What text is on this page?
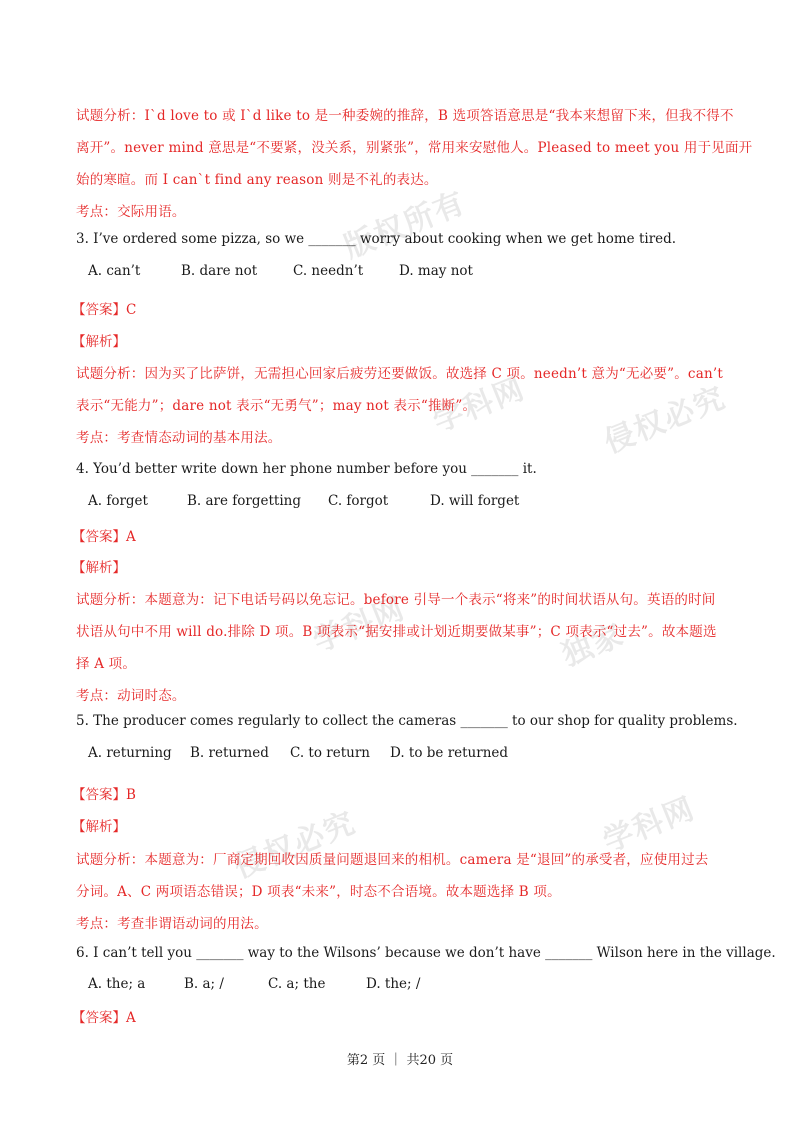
学科网 侵权必究
学科网	独家
学科网
侵权必究
版权所有
试题分析：I`d love to 或 I`d like to 是一种委婉的推辞，B 选项答语意思是“我本来想留下来，但我不得不
离开”。never mind 意思是“不要紧，没关系，别紧张”，常用来安慰他人。Pleased to meet you 用于见面开
始的寒暄。而 I can`t find any reason 则是不礼的表达。
考点：交际用语。
3. I’ve ordered some pizza, so we _______ worry about cooking when we get home tired.
A. can’t	B. dare not	C. needn’t	D. may not
【答案】C
【解析】
试题分析：因为买了比萨饼，无需担心回家后疲劳还要做饭。故选择 C 项。needn’t 意为“无必要”。can’t
表示“无能力”；dare not 表示“无勇气”；may not 表示“推断”。
考点：考查情态动词的基本用法。
4. You’d better write down her phone number before you _______ it.
A. forget	B. are forgetting C. forgot	D. will forget
【答案】A
【解析】
试题分析：本题意为：记下电话号码以免忘记。before 引导一个表示“将来”的时间状语从句。英语的时间
状语从句中不用 will do.排除 D 项。B 项表示“据安排或计划近期要做某事”；C 项表示“过去”。故本题选
择 A 项。
考点：动词时态。
5. The producer comes regularly to collect the cameras _______ to our shop for quality problems.
A. returning B. returned C. to return D. to be returned
【答案】B
【解析】
试题分析：本题意为：厂商定期回收因质量问题退回来的相机。camera 是“退回”的承受者，应使用过去
分词。A、C 两项语态错误；D 项表“未来”，时态不合语境。故本题选择 B 项。
考点：考查非谓语动词的用法。
6. I can’t tell you _______ way to the Wilsons’ because we don’t have _______ Wilson here in the village.
A. the; a	B. a; /	C. a; the	D. the; /
【答案】A
第2 页 ｜ 共20 页
